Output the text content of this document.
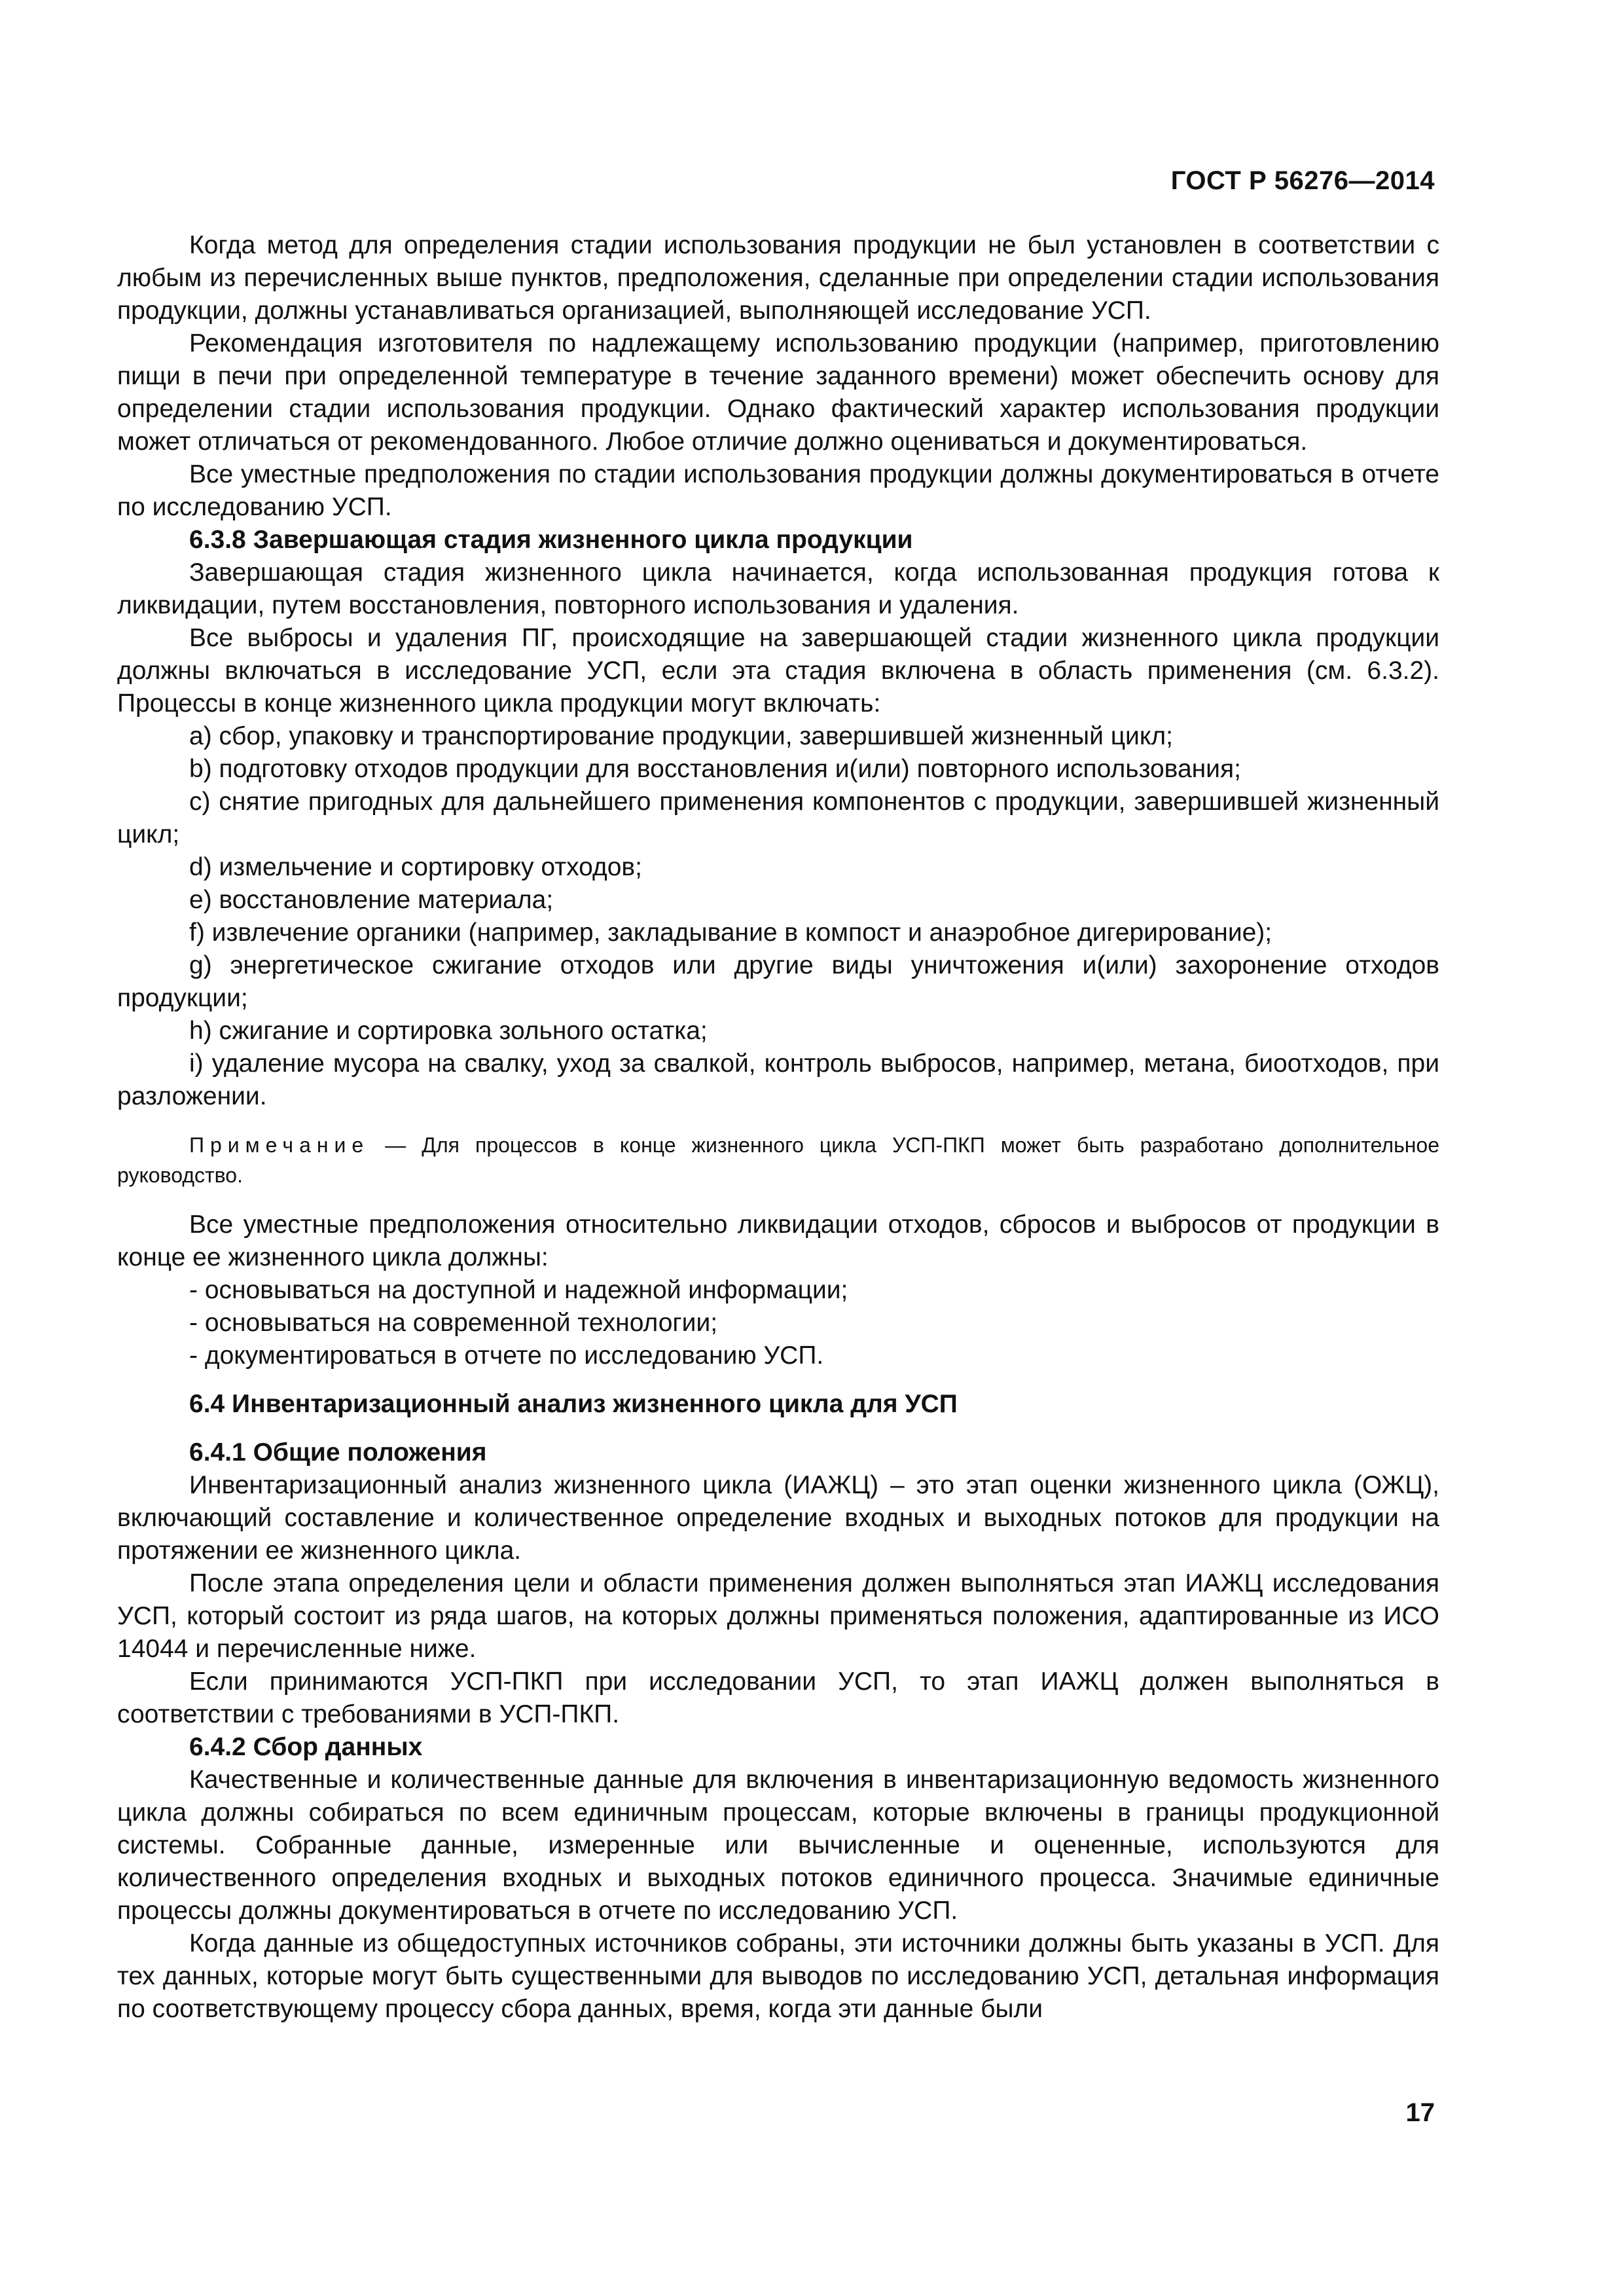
ГОСТ Р 56276—2014

Когда метод для определения стадии использования продукции не был установлен в соответствии с любым из перечисленных выше пунктов, предположения, сделанные при определении стадии использования продукции, должны устанавливаться организацией, выполняющей исследование УСП.

Рекомендация изготовителя по надлежащему использованию продукции (например, приготовлению пищи в печи при определенной температуре в течение заданного времени) может обеспечить основу для определении стадии использования продукции. Однако фактический характер использования продукции может отличаться от рекомендованного. Любое отличие должно оцениваться и документироваться.

Все уместные предположения по стадии использования продукции должны документироваться в отчете по исследованию УСП.

6.3.8 Завершающая стадия жизненного цикла продукции

Завершающая стадия жизненного цикла начинается, когда использованная продукция готова к ликвидации, путем восстановления, повторного использования и удаления.

Все выбросы и удаления ПГ, происходящие на завершающей стадии жизненного цикла продукции должны включаться в исследование УСП, если эта стадия включена в область применения (см. 6.3.2). Процессы в конце жизненного цикла продукции могут включать:

a) сбор, упаковку и транспортирование продукции, завершившей жизненный цикл;

b) подготовку отходов продукции для восстановления и(или) повторного использования;

c) снятие пригодных для дальнейшего применения компонентов с продукции, завершившей жизненный цикл;

d) измельчение и сортировку отходов;

e) восстановление материала;

f) извлечение органики (например, закладывание в компост и анаэробное дигерирование);

g) энергетическое сжигание отходов или другие виды уничтожения и(или) захоронение отходов продукции;

h) сжигание и сортировка зольного остатка;

i) удаление мусора на свалку, уход за свалкой, контроль выбросов, например, метана, биоотходов, при разложении.

Примечание — Для процессов в конце жизненного цикла УСП-ПКП может быть разработано дополнительное руководство.

Все уместные предположения относительно ликвидации отходов, сбросов и выбросов от продукции в конце ее жизненного цикла должны:

- основываться на доступной и надежной информации;

- основываться на современной технологии;

- документироваться в отчете по исследованию УСП.

6.4 Инвентаризационный анализ жизненного цикла для УСП

6.4.1 Общие положения

Инвентаризационный анализ жизненного цикла (ИАЖЦ) – это этап оценки жизненного цикла (ОЖЦ), включающий составление и количественное определение входных и выходных потоков для продукции на протяжении ее жизненного цикла.

После этапа определения цели и области применения должен выполняться этап ИАЖЦ исследования УСП, который состоит из ряда шагов, на которых должны применяться положения, адаптированные из ИСО 14044 и перечисленные ниже.

Если принимаются УСП-ПКП при исследовании УСП, то этап ИАЖЦ должен выполняться в соответствии с требованиями в УСП-ПКП.

6.4.2 Сбор данных

Качественные и количественные данные для включения в инвентаризационную ведомость жизненного цикла должны собираться по всем единичным процессам, которые включены в границы продукционной системы. Собранные данные, измеренные или вычисленные и оцененные, используются для количественного определения входных и выходных потоков единичного процесса. Значимые единичные процессы должны документироваться в отчете по исследованию УСП.

Когда данные из общедоступных источников собраны, эти источники должны быть указаны в УСП. Для тех данных, которые могут быть существенными для выводов по исследованию УСП, детальная информация по соответствующему процессу сбора данных, время, когда эти данные были

17
